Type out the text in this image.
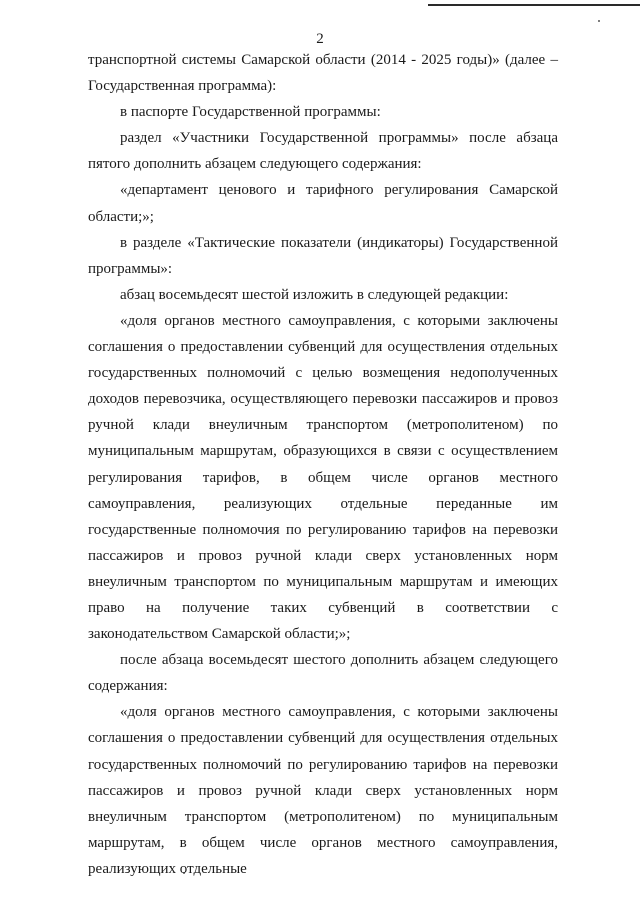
2

транспортной системы Самарской области (2014 - 2025 годы)» (далее – Государственная программа):

в паспорте Государственной программы:

раздел «Участники Государственной программы» после абзаца пятого дополнить абзацем следующего содержания:

«департамент ценового и тарифного регулирования Самарской области;»;

в разделе «Тактические показатели (индикаторы) Государственной программы»:

абзац восемьдесят шестой изложить в следующей редакции:

«доля органов местного самоуправления, с которыми заключены соглашения о предоставлении субвенций для осуществления отдельных государственных полномочий с целью возмещения недополученных доходов перевозчика, осуществляющего перевозки пассажиров и провоз ручной клади внеуличным транспортом (метрополитеном) по муниципальным маршрутам, образующихся в связи с осуществлением регулирования тарифов, в общем числе органов местного самоуправления, реализующих отдельные переданные им государственные полномочия по регулированию тарифов на перевозки пассажиров и провоз ручной клади сверх установленных норм внеуличным транспортом по муниципальным маршрутам и имеющих право на получение таких субвенций в соответствии с законодательством Самарской области;»;

после абзаца восемьдесят шестого дополнить абзацем следующего содержания:

«доля органов местного самоуправления, с которыми заключены соглашения о предоставлении субвенций для осуществления отдельных государственных полномочий по регулированию тарифов на перевозки пассажиров и провоз ручной клади сверх установленных норм внеуличным транспортом (метрополитеном) по муниципальным маршрутам, в общем числе органов местного самоуправления, реализующих отдельные
